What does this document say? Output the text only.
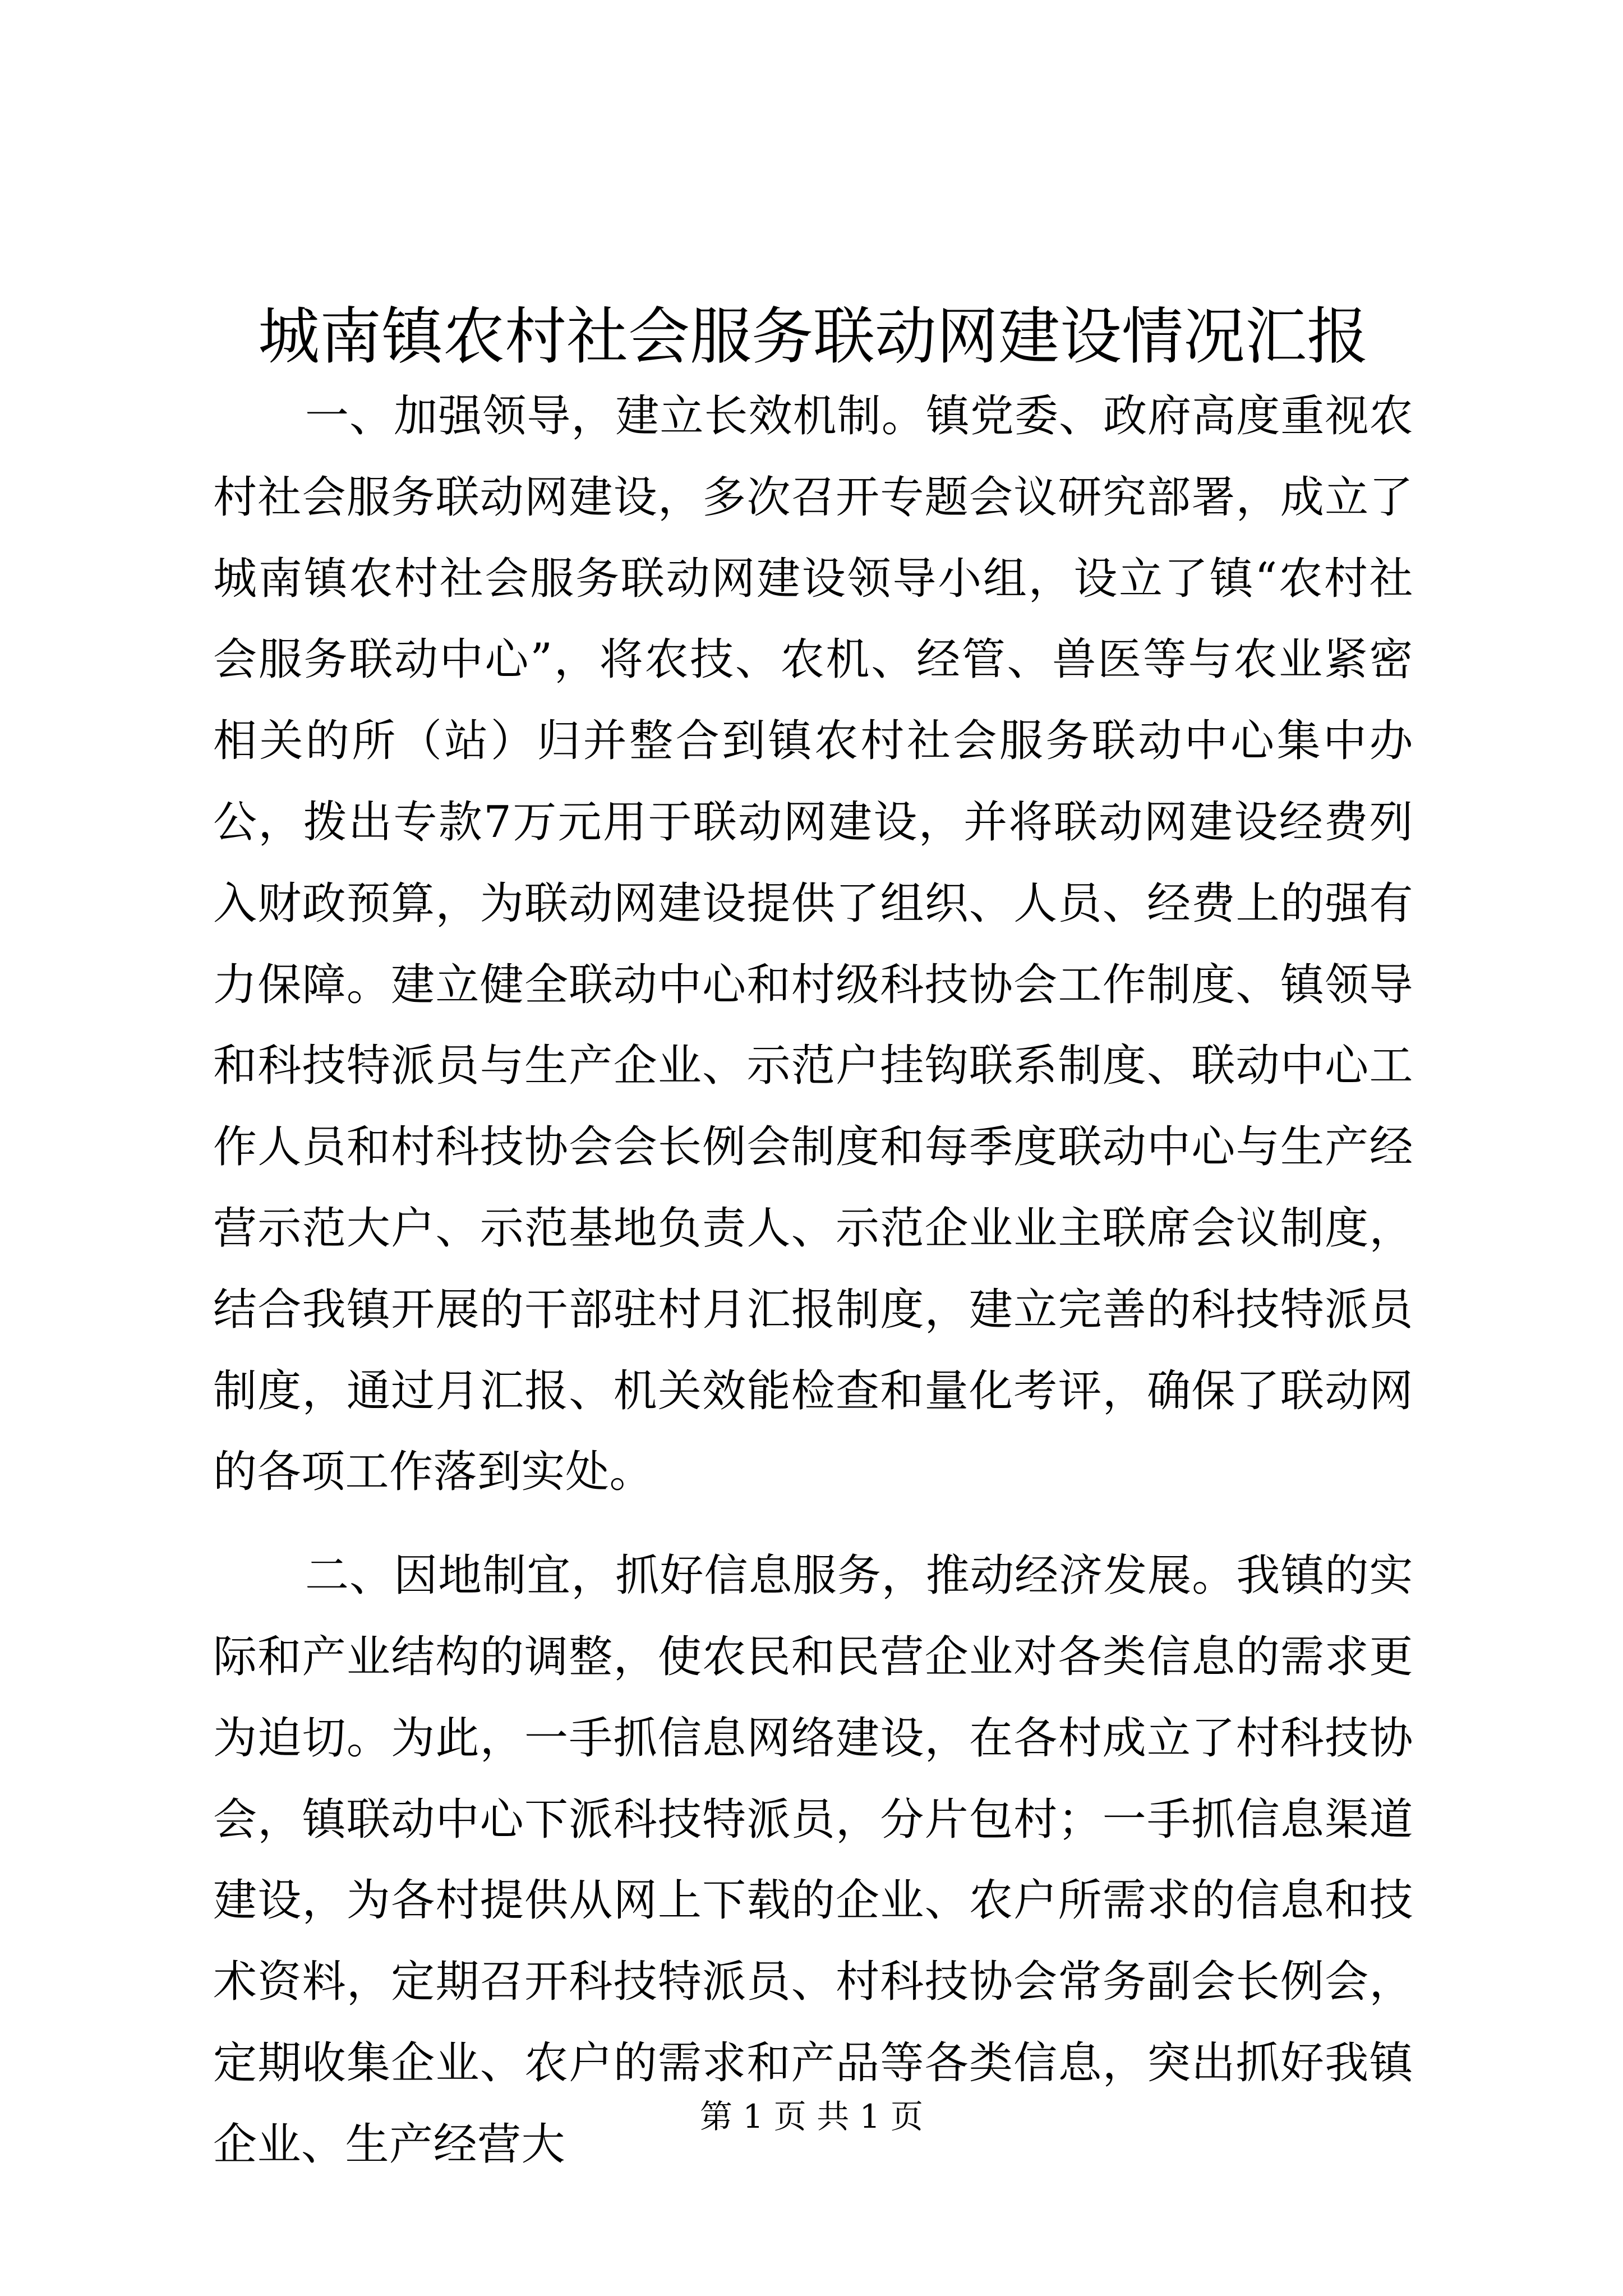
城南镇农村社会服务联动网建设情况汇报

一、加强领导，建立长效机制。镇党委、政府高度重视农村社会服务联动网建设，多次召开专题会议研究部署，成立了城南镇农村社会服务联动网建设领导小组，设立了镇“农村社会服务联动中心”，将农技、农机、经管、兽医等与农业紧密相关的所（站）归并整合到镇农村社会服务联动中心集中办公，拨出专款7万元用于联动网建设，并将联动网建设经费列入财政预算，为联动网建设提供了组织、人员、经费上的强有力保障。建立健全联动中心和村级科技协会工作制度、镇领导和科技特派员与生产企业、示范户挂钩联系制度、联动中心工作人员和村科技协会会长例会制度和每季度联动中心与生产经营示范大户、示范基地负责人、示范企业业主联席会议制度，结合我镇开展的干部驻村月汇报制度，建立完善的科技特派员制度，通过月汇报、机关效能检查和量化考评，确保了联动网的各项工作落到实处。

二、因地制宜，抓好信息服务，推动经济发展。我镇的实际和产业结构的调整，使农民和民营企业对各类信息的需求更为迫切。为此，一手抓信息网络建设，在各村成立了村科技协会，镇联动中心下派科技特派员，分片包村；一手抓信息渠道建设，为各村提供从网上下载的企业、农户所需求的信息和技术资料，定期召开科技特派员、村科技协会常务副会长例会，定期收集企业、农户的需求和产品等各类信息，突出抓好我镇企业、生产经营大

第 1 页 共 1 页
